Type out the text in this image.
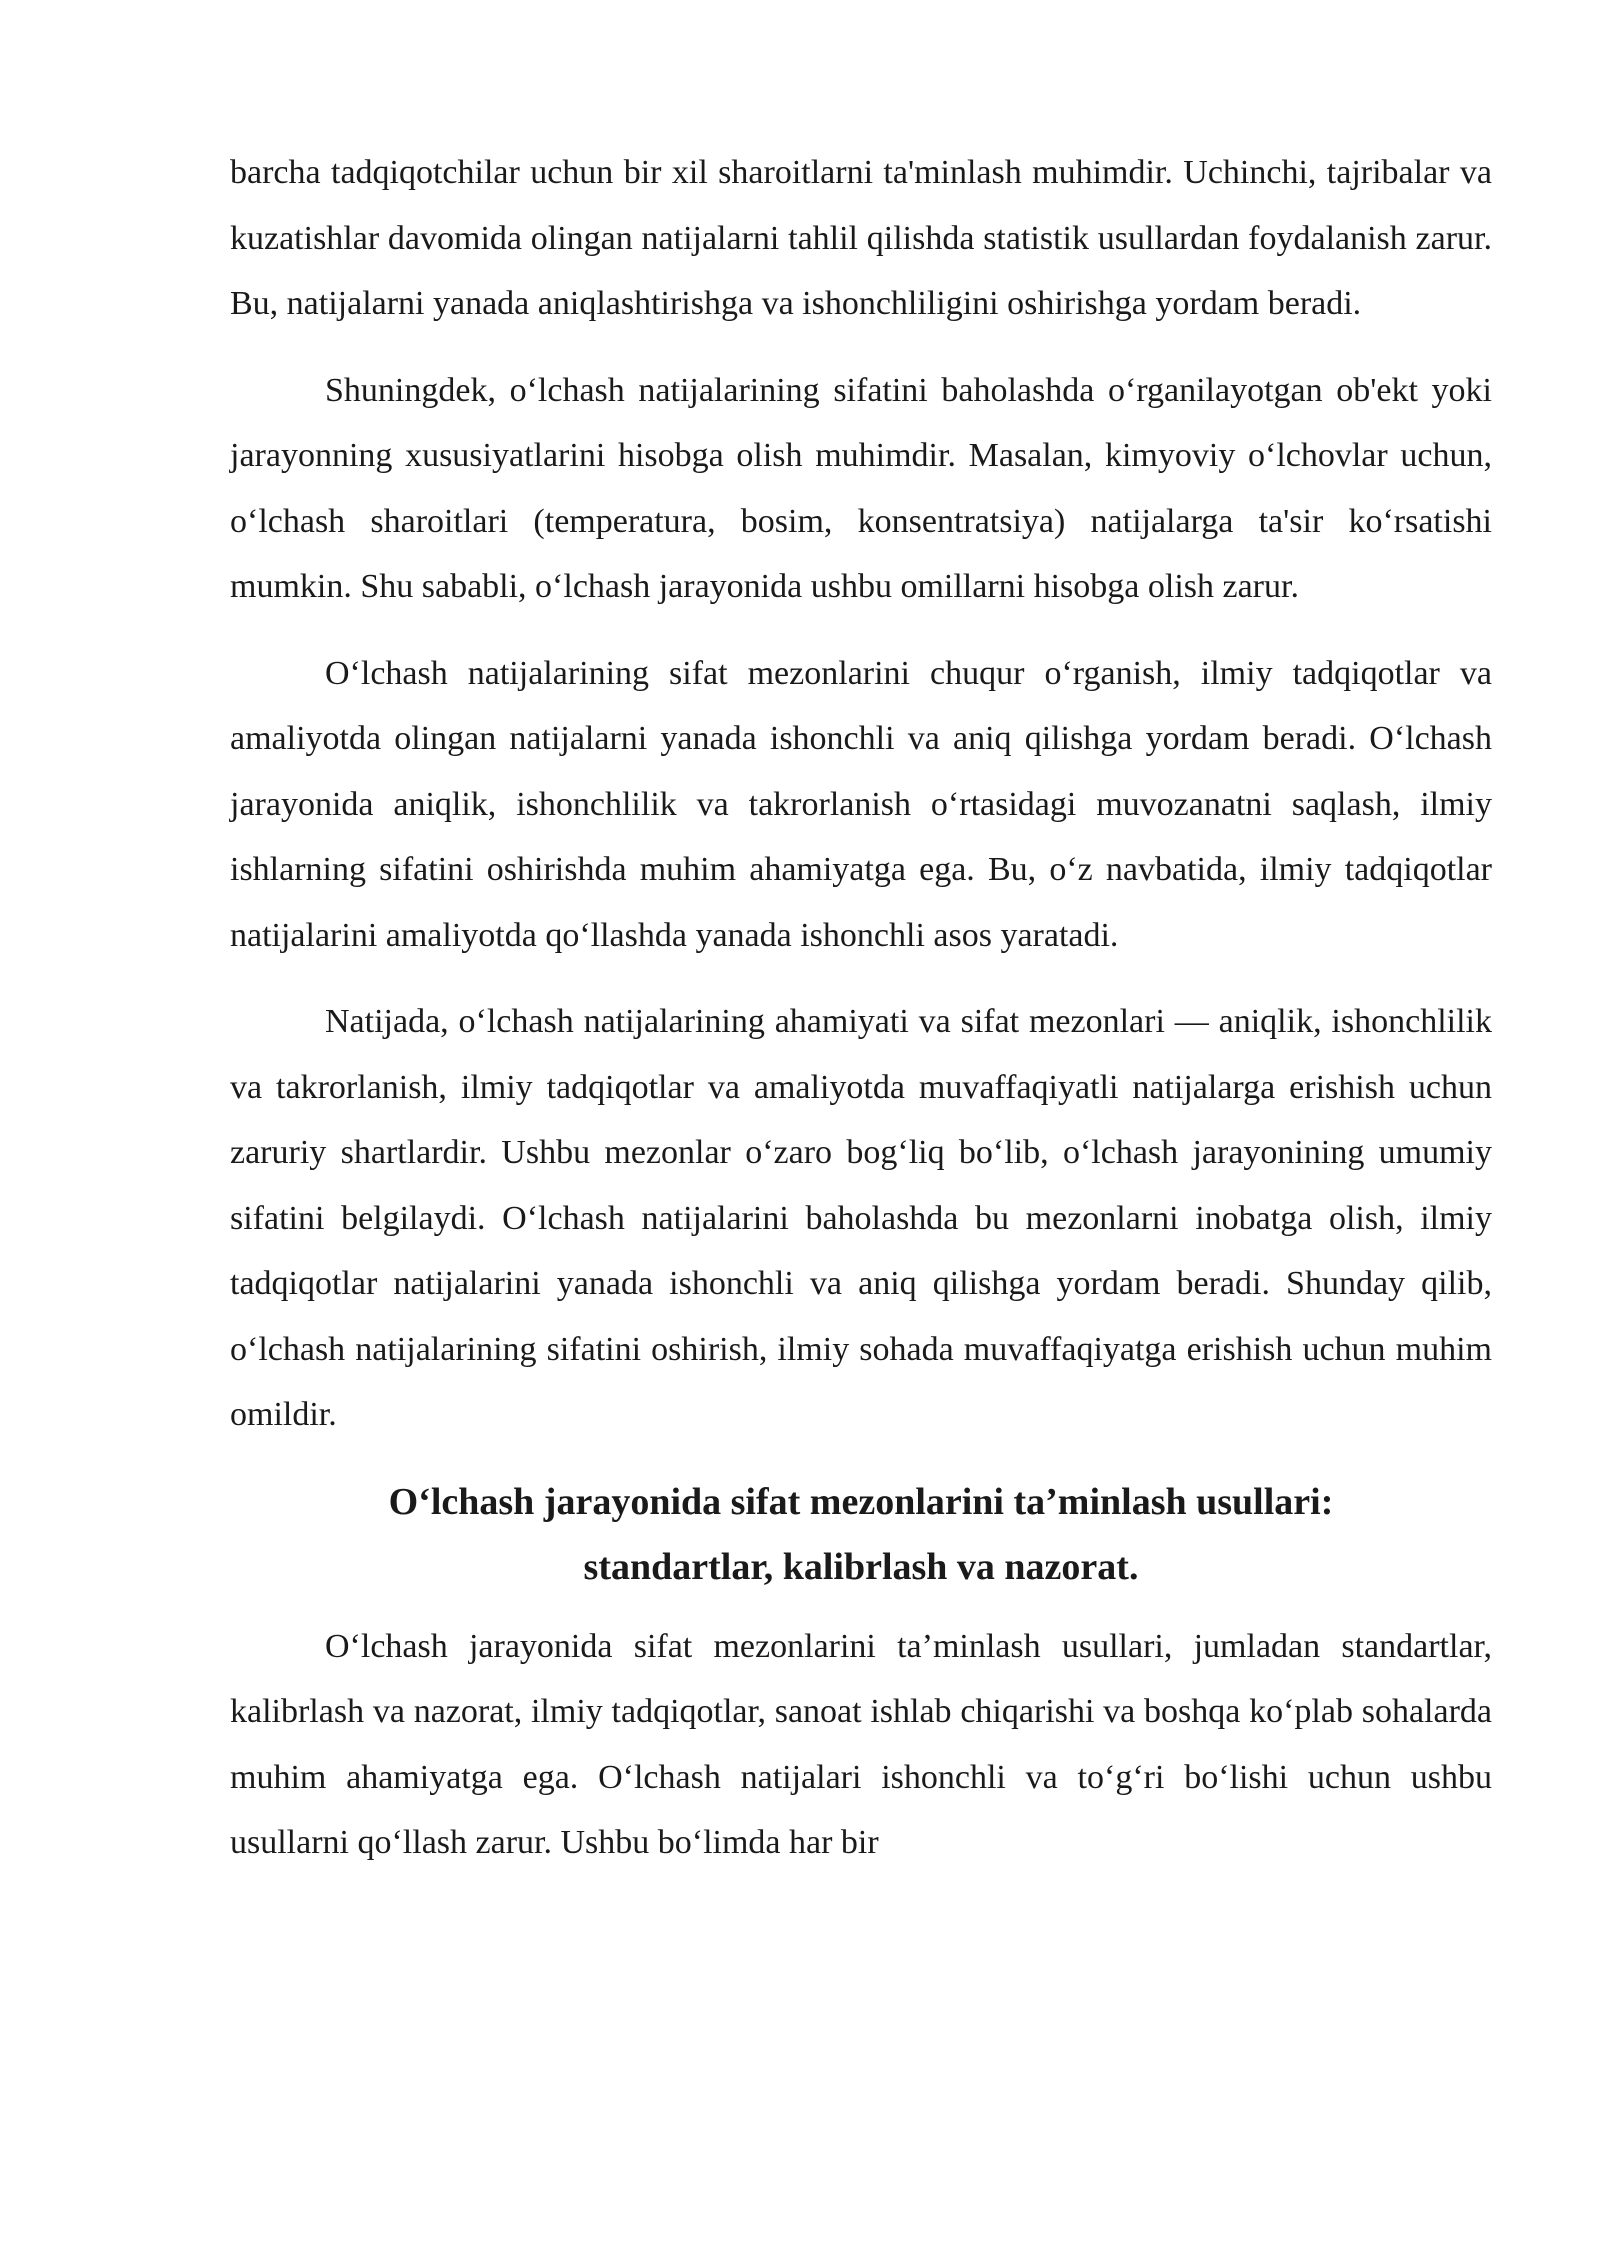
barcha tadqiqotchilar uchun bir xil sharoitlarni ta'minlash muhimdir. Uchinchi, tajribalar va kuzatishlar davomida olingan natijalarni tahlil qilishda statistik usullardan foydalanish zarur. Bu, natijalarni yanada aniqlashtirishga va ishonchliligini oshirishga yordam beradi.

Shuningdek, oʻlchash natijalarining sifatini baholashda oʻrganilayotgan ob'ekt yoki jarayonning xususiyatlarini hisobga olish muhimdir. Masalan, kimyoviy oʻlchovlar uchun, oʻlchash sharoitlari (temperatura, bosim, konsentratsiya) natijalarga ta'sir koʻrsatishi mumkin. Shu sababli, oʻlchash jarayonida ushbu omillarni hisobga olish zarur.

Oʻlchash natijalarining sifat mezonlarini chuqur oʻrganish, ilmiy tadqiqotlar va amaliyotda olingan natijalarni yanada ishonchli va aniq qilishga yordam beradi. Oʻlchash jarayonida aniqlik, ishonchlilik va takrorlanish oʻrtasidagi muvozanatni saqlash, ilmiy ishlarning sifatini oshirishda muhim ahamiyatga ega. Bu, oʻz navbatida, ilmiy tadqiqotlar natijalarini amaliyotda qoʻllashda yanada ishonchli asos yaratadi.

Natijada, oʻlchash natijalarining ahamiyati va sifat mezonlari — aniqlik, ishonchlilik va takrorlanish, ilmiy tadqiqotlar va amaliyotda muvaffaqiyatli natijalarga erishish uchun zaruriy shartlardir. Ushbu mezonlar oʻzaro bogʻliq boʻlib, oʻlchash jarayonining umumiy sifatini belgilaydi. Oʻlchash natijalarini baholashda bu mezonlarni inobatga olish, ilmiy tadqiqotlar natijalarini yanada ishonchli va aniq qilishga yordam beradi. Shunday qilib, oʻlchash natijalarining sifatini oshirish, ilmiy sohada muvaffaqiyatga erishish uchun muhim omildir.

Oʻlchash jarayonida sifat mezonlarini ta’minlash usullari:
standartlar, kalibrlash va nazorat.

Oʻlchash jarayonida sifat mezonlarini ta’minlash usullari, jumladan standartlar, kalibrlash va nazorat, ilmiy tadqiqotlar, sanoat ishlab chiqarishi va boshqa koʻplab sohalarda muhim ahamiyatga ega. Oʻlchash natijalari ishonchli va toʻgʻri boʻlishi uchun ushbu usullarni qoʻllash zarur. Ushbu boʻlimda har bir
